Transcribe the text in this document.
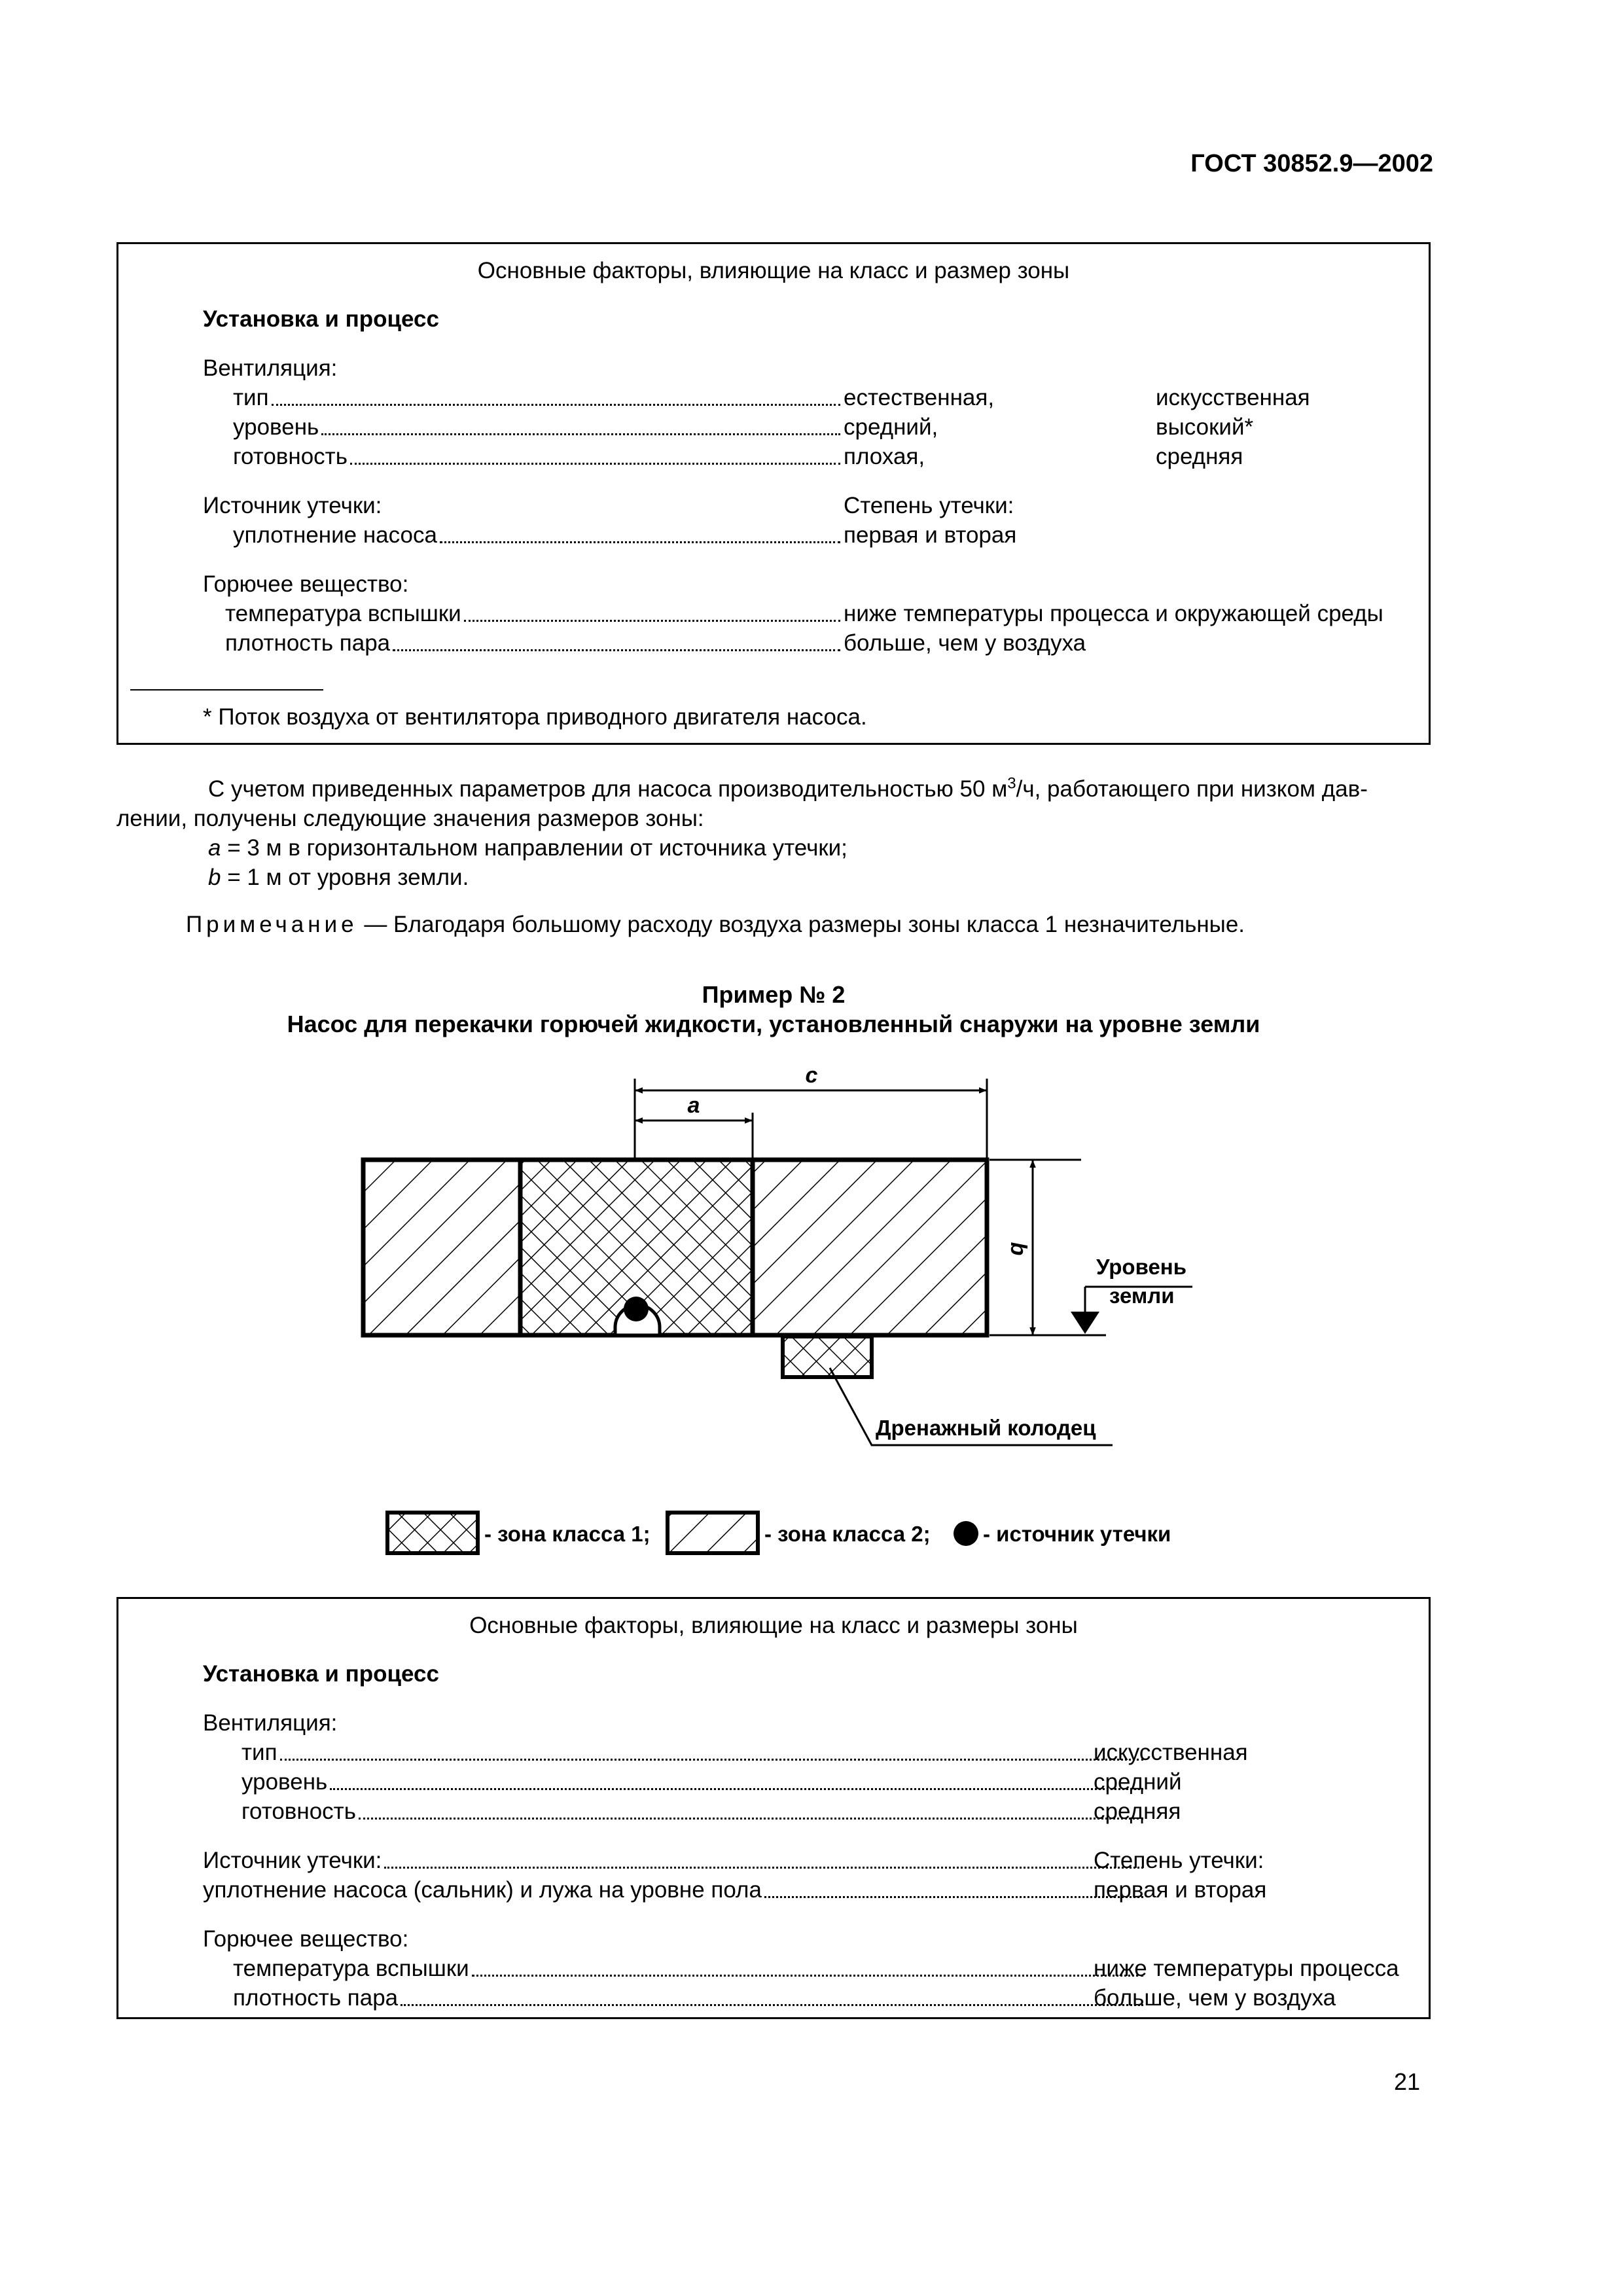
ГОСТ 30852.9—2002
Основные факторы, влияющие на класс и размер зоны
Установка и процесс
Вентиляция:
тип	естественная,	искусственная
уровень	средний,	высокий*
готовность	плохая,	средняя
Источник утечки:	Степень утечки:
уплотнение насоса	первая и вторая
Горючее вещество:
температура вспышки	ниже температуры процесса и окружающей среды
плотность пара	больше, чем у воздуха
* Поток воздуха от вентилятора приводного двигателя насоса.
С учетом приведенных параметров для насоса производительностью 50 $м^3/ч$, работающего при низком дав-
лении, получены следующие значения размеров зоны:
a = 3 м в горизонтальном направлении от источника утечки;
b = 1 м от уровня земли.
Примечание — Благодаря большому расходу воздуха размеры зоны класса 1 незначительные.
Пример № 2
Насос для перекачки горючей жидкости, установленный снаружи на уровне земли
c
a
b
Уровень
земли
Дренажный колодец
- зона класса 1;	- зона класса 2; - источник утечки
Основные факторы, влияющие на класс и размеры зоны
Установка и процесс
Вентиляция:
тип	искусственная
уровень	средний
готовность	средняя
Источник утечки:	Степень утечки:
уплотнение насоса (сальник) и лужа на уровне пола	первая и вторая
Горючее вещество:
температура вспышки	ниже температуры процесса
плотность пара	больше, чем у воздуха
21
